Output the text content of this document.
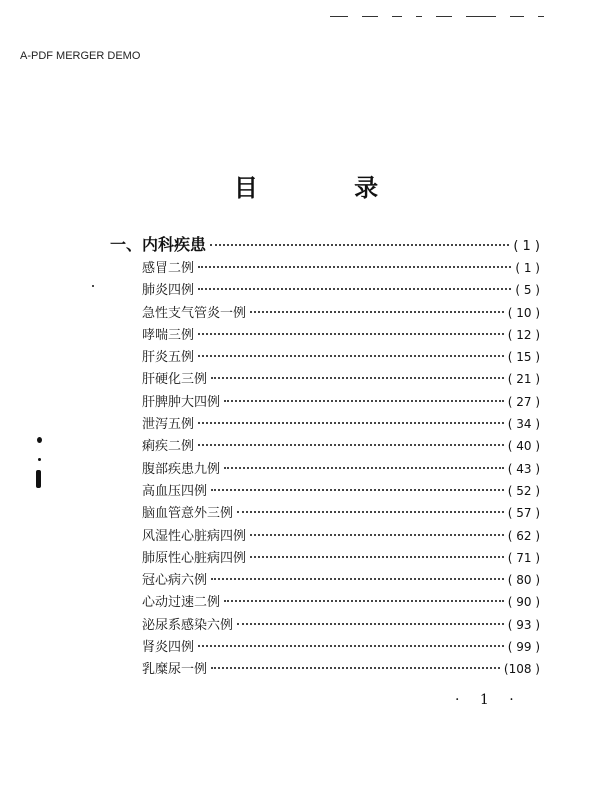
A-PDF MERGER DEMO
目 录
一、内科疾患	( 1 )
感冒二例	( 1 )
肺炎四例	( 5 )
急性支气管炎一例	( 10 )
哮喘三例	( 12 )
肝炎五例	( 15 )
肝硬化三例	( 21 )
肝脾肿大四例	( 27 )
泄泻五例	( 34 )
痢疾二例	( 40 )
腹部疾患九例	( 43 )
高血压四例	( 52 )
脑血管意外三例	( 57 )
风湿性心脏病四例	( 62 )
肺原性心脏病四例	( 71 )
冠心病六例	( 80 )
心动过速二例	( 90 )
泌尿系感染六例	( 93 )
肾炎四例	( 99 )
乳糜尿一例	(108 )
· 1 ·
